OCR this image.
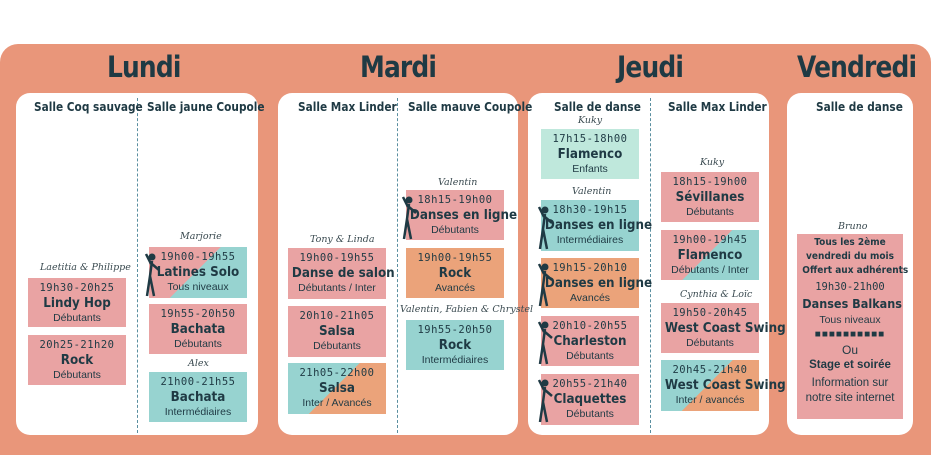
Lundi	Mardi	Jeudi	Vendredi
Salle Coq sauvage Salle jaune Coupole	Salle Max Linder Salle mauve Coupole Salle de danse Salle Max Linder	Salle de danse
Laetitia & Philippe
Marjorie
Alex
Tony & Linda
Valentin
Valentin, Fabien & Chrystel
Kuky
Valentin
Kuky
Cynthia & Loïc
Bruno
19h30-20h25
Lindy Hop
Débutants
20h25-21h20
Rock
Débutants
19h00-19h55
Latines Solo
Tous niveaux
19h55-20h50
Bachata
Débutants
21h00-21h55
Bachata
Intermédiaires
19h00-19h55
Danse de salon
Débutants / Inter
20h10-21h05
Salsa
Débutants
21h05-22h00
Salsa
Inter / Avancés
18h15-19h00
Danses en ligne
Débutants
19h00-19h55
Rock
Avancés
19h55-20h50
Rock
Intermédiaires
17h15-18h00
Flamenco
Enfants
18h30-19h15
Danses en ligne
Intermédiaires
19h15-20h10
Danses en ligne
Avancés
20h10-20h55
Charleston
Débutants
20h55-21h40
Claquettes
Débutants
18h15-19h00
Sévillanes
Débutants
19h00-19h45
Flamenco
Débutants / Inter
19h50-20h45
West Coast Swing
Débutants
20h45-21h40
West Coast Swing
Inter / avancés
Tous les 2ème
vendredi du mois
Offert aux adhérents
19h30-21h00
Danses Balkans
Tous niveaux
■■■■■■■■■■
Ou
Stage et soirée
Information sur
notre site internet
